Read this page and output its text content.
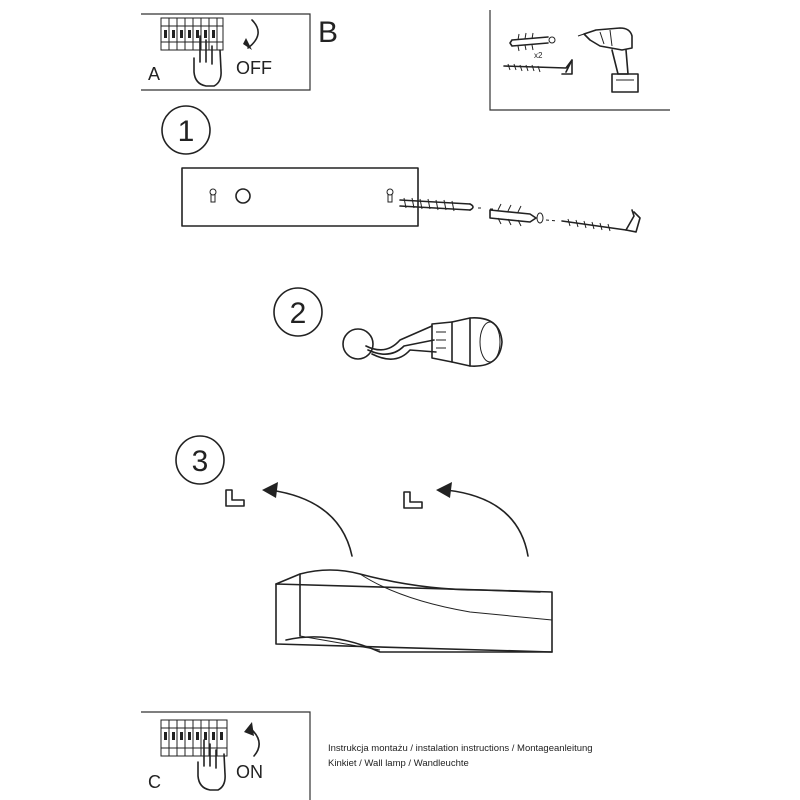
OFF
A
B
x2
1
2
3
ON
C
Instrukcja montażu / instalation instructions / Montageanleitung
Kinkiet / Wall lamp / Wandleuchte
